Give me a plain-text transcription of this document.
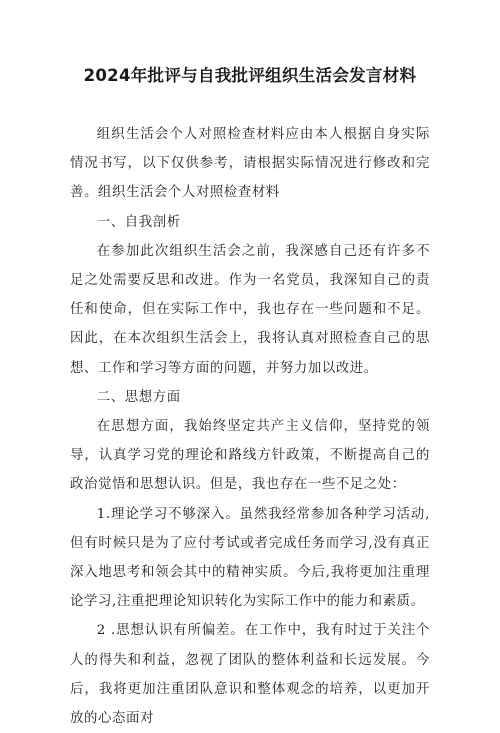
2024年批评与自我批评组织生活会发言材料

组织生活会个人对照检查材料应由本人根据自身实际情况书写，以下仅供参考，请根据实际情况进行修改和完善。组织生活会个人对照检查材料

一、自我剖析

在参加此次组织生活会之前，我深感自己还有许多不足之处需要反思和改进。作为一名党员，我深知自己的责任和使命，但在实际工作中，我也存在一些问题和不足。因此，在本次组织生活会上，我将认真对照检查自己的思想、工作和学习等方面的问题，并努力加以改进。

二、思想方面

在思想方面，我始终坚定共产主义信仰，坚持党的领导，认真学习党的理论和路线方针政策，不断提高自己的政治觉悟和思想认识。但是，我也存在一些不足之处：

1.理论学习不够深入。虽然我经常参加各种学习活动,但有时候只是为了应付考试或者完成任务而学习,没有真正深入地思考和领会其中的精神实质。今后,我将更加注重理论学习,注重把理论知识转化为实际工作中的能力和素质。

2 .思想认识有所偏差。在工作中，我有时过于关注个人的得失和利益，忽视了团队的整体利益和长远发展。今后，我将更加注重团队意识和整体观念的培养，以更加开放的心态面对
